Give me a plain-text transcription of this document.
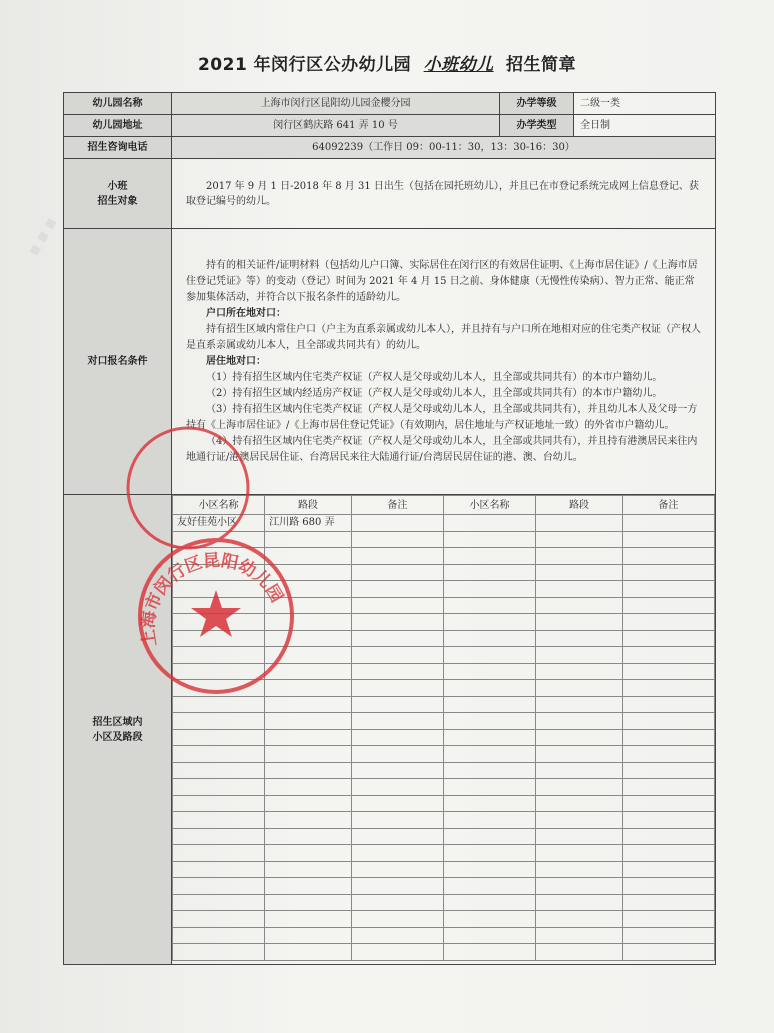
⋯
2021 年闵行区公办幼儿园 小班幼儿 招生简章
幼儿园名称	上海市闵行区昆阳幼儿园金樱分园	办学等级	二级一类
幼儿园地址	闵行区鹤庆路 641 弄 10 号	办学类型	全日制
招生咨询电话	64092239（工作日 09：00-11：30，13：30-16：30）

小班
招生对象

2017 年 9 月 1 日-2018 年 8 月 31 日出生（包括在园托班幼儿），并且已在市登记系统完成网上信息登记、获取登记编号的幼儿。

对口报名条件	

持有的相关证件/证明材料（包括幼儿户口簿、实际居住在闵行区的有效居住证明、《上海市居住证》/《上海市居住登记凭证》等）的变动（登记）时间为 2021 年 4 月 15 日之前、身体健康（无慢性传染病）、智力正常、能正常参加集体活动，并符合以下报名条件的适龄幼儿。

户口所在地对口：

持有招生区域内常住户口（户主为直系亲属或幼儿本人），并且持有与户口所在地相对应的住宅类产权证（产权人是直系亲属或幼儿本人，且全部或共同共有）的幼儿。

居住地对口：

（1）持有招生区域内住宅类产权证（产权人是父母或幼儿本人，且全部或共同共有）的本市户籍幼儿。

（2）持有招生区域内经适房产权证（产权人是父母或幼儿本人，且全部或共同共有）的本市户籍幼儿。

（3）持有招生区域内住宅类产权证（产权人是父母或幼儿本人，且全部或共同共有），并且幼儿本人及父母一方持有《上海市居住证》/《上海市居住登记凭证》（有效期内，居住地址与产权证地址一致）的外省市户籍幼儿。

（4）持有招生区域内住宅类产权证（产权人是父母或幼儿本人，且全部或共同共有），并且持有港澳居民来往内地通行证/港澳居民居住证、台湾居民来往大陆通行证/台湾居民居住证的港、澳、台幼儿。

招生区域内
小区及路段

小区名称	路段	备注	小区名称	路段	备注
友好佳苑小区	江川路 680 弄				

上海市闵行区昆阳幼儿园
